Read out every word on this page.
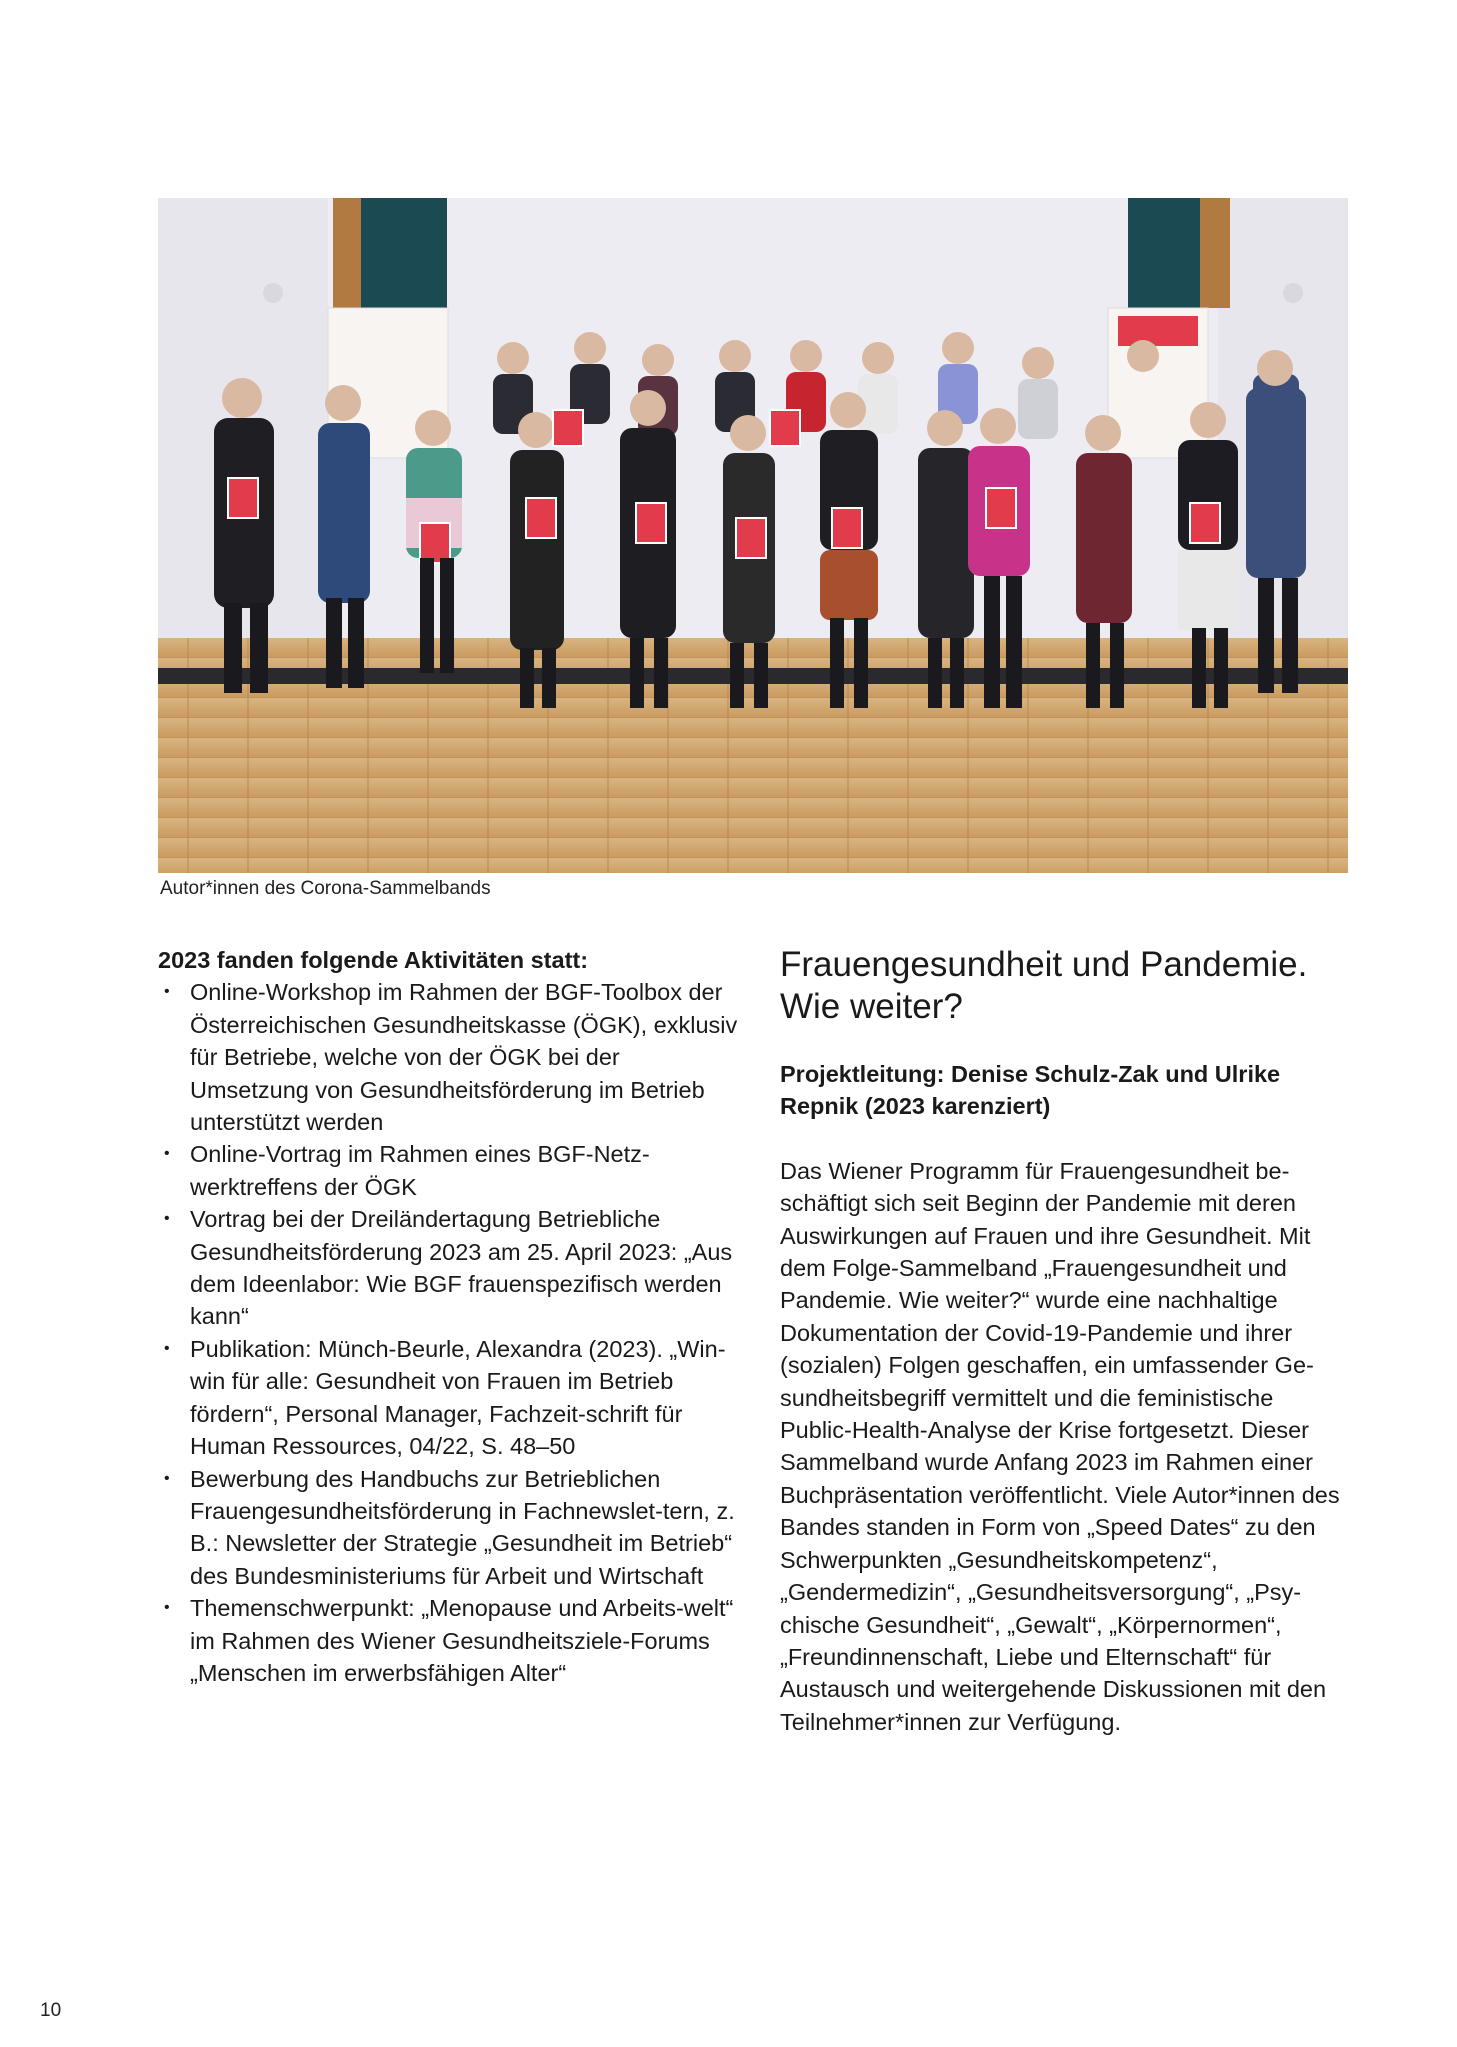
Autor*innen des Corona-Sammelbands
2023 fanden folgende Aktivitäten statt:
• Online-Workshop im Rahmen der BGF-Toolbox der Österreichischen Gesundheitskasse (ÖGK), exklusiv für Betriebe, welche von der ÖGK bei der Umsetzung von Gesundheitsförderung im Betrieb unterstützt werden
• Online-Vortrag im Rahmen eines BGF-Netz-werktreffens der ÖGK
• Vortrag bei der Dreiländertagung Betriebliche Gesundheitsförderung 2023 am 25. April 2023: „Aus dem Ideenlabor: Wie BGF frauenspezifisch werden kann“
• Publikation: Münch-Beurle, Alexandra (2023). „Win-win für alle: Gesundheit von Frauen im Betrieb fördern“, Personal Manager, Fachzeit-schrift für Human Ressources, 04/22, S. 48–50
• Bewerbung des Handbuchs zur Betrieblichen Frauengesundheitsförderung in Fachnewslet-tern, z. B.: Newsletter der Strategie „Gesundheit im Betrieb“ des Bundesministeriums für Arbeit und Wirtschaft
• Themenschwerpunkt: „Menopause und Arbeits-welt“ im Rahmen des Wiener Gesundheitsziele-Forums „Menschen im erwerbsfähigen Alter“
Frauengesundheit und Pandemie. Wie weiter?

Projektleitung: Denise Schulz-Zak und Ulrike Repnik (2023 karenziert)

Das Wiener Programm für Frauengesundheit be-schäftigt sich seit Beginn der Pandemie mit deren Auswirkungen auf Frauen und ihre Gesundheit. Mit dem Folge-Sammelband „Frauengesundheit und Pandemie. Wie weiter?“ wurde eine nachhaltige Dokumentation der Covid-19-Pandemie und ihrer (sozialen) Folgen geschaffen, ein umfassender Ge-sundheitsbegriff vermittelt und die feministische Public-Health-Analyse der Krise fortgesetzt. Dieser Sammelband wurde Anfang 2023 im Rahmen einer Buchpräsentation veröffentlicht. Viele Autor*innen des Bandes standen in Form von „Speed Dates“ zu den Schwerpunkten „Gesundheitskompetenz“, „Gendermedizin“, „Gesundheitsversorgung“, „Psy-chische Gesundheit“, „Gewalt“, „Körpernormen“, „Freundinnenschaft, Liebe und Elternschaft“ für Austausch und weitergehende Diskussionen mit den Teilnehmer*innen zur Verfügung.

10
